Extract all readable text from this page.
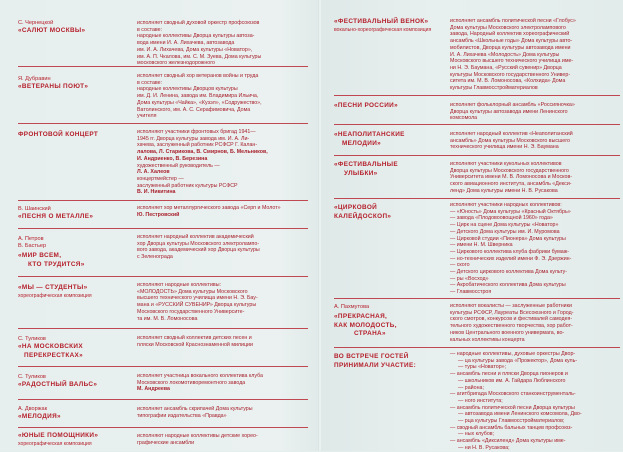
С. Чернецкой
«САЛЮТ МОСКВЫ»
исполняет сводный духовой оркестр профсоюзов
в составе:
народные коллективы Дворца культуры автоза-
вода имени И. А. Лихачева, автозавода
им. И. А. Лихачева, Дома культуры «Новатор»,
им. А. П. Чкалова, им. С. М. Зуева, Дома культуры
московского железнодорожного
Я. Дубравин
«ВЕТЕРАНЫ ПОЮТ»
исполняет сводный хор ветеранов войны и труда
в составе:
народные коллективы Дворцов культуры
им. Д. И. Ленина, завода им. Владимира Ильича,
Дома культуры «Чайка», «Кузэл», «Содружество»,
Ватолинского, им. А. С. Серафимовича, Дома
учителя
ФРОНТОВОЙ КОНЦЕРТ	исполняют участники фронтовых бригад 1941—
1945 гг. Дворца культуры завода им. И. А. Ли-
хачева, заслуженный работник РСФСР Г. Калан-
лалова, Л. Старикова, В. Смирнов, Б. Мельников,
И. Андриенко, В. Березина
художественный руководитель —
Л. А. Халеов
концертмейстер —
заслуженный работник культуры РСФСР
В. И. Никитина
В. Шаинский
«ПЕСНЯ О МЕТАЛЛЕ»
исполняет хор металлургического завода «Серп и Молот»
Ю. Пестровский
А. Петров
В. Бастьер
«МИР ВСЕМ,
КТО ТРУДИТСЯ»
исполняет народный коллектив академический
хор Дворца культуры Московского электролампо-
вого завода, академический хор Дворца культуры
с Зеленограда
«МЫ — СТУДЕНТЫ»
хореографическая композиция
исполняют народные коллективы:
«МОЛОДОСТЬ» Дома культуры Московского
высшего технического училища имени Н. Э. Бау-
мана и «РУССКИЙ СУВЕНИР» Дворца культуры
Московского государственного Университе-
та им. М. В. Ломоносова
С. Туликов
«НА МОСКОВСКИХ
ПЕРЕКРЕСТКАХ»
исполняет сводный коллектив детских песен и
пляски Московской Краснознаменной милиции
С. Туликов
«РАДОСТНЫЙ ВАЛЬС»
исполняет участница вокального коллектива клуба
Московского локомотиворемонтного завода
М. Андреева
А. Дворжак
«МЕЛОДИЯ»
исполняет ансамбль скрипачей Дома культуры
типографии издательства «Правда»
«ЮНЫЕ ПОМОЩНИКИ»
хореографическая композиция
исполняют народные коллективы детские хорео-
графические ансамбли
«ФЕСТИВАЛЬНЫЙ ВЕНОК»
вокально-хореографическая композиция
исполняет ансамбль политической песни «Глобус»
Дома культуры Московского электролампового
завода, Народный коллектив хореографический
ансамбль «Школьные годы» Дома культуры авто-
мобилистов, Дворца культуры автозавода имени
И. А. Лихачева «Молодость» Дома культуры
Московского высшего технического училища име-
ни Н. Э. Баумана, «Русский сувенир» Дворца
культуры Московского государственного Универ-
ситета им. М. В. Ломоносова, «Колхида» Дома
культуры Главмосстройматериалов
«ПЕСНИ РОССИИ»	исполняет фольклорный ансамбль «Россияночка»
Дворца культуры автозавода имени Ленинского
комсомола
«НЕАПОЛИТАНСКИЕ
МЕЛОДИИ»
исполняет народный коллектив «Неаполитанский
ансамбль» Дома культуры Московского высшего
технического училища имени Н. Э. Баумана
«ФЕСТИВАЛЬНЫЕ
УЛЫБКИ»
исполняют участники кукольных коллективов
Дворца культуры Московского государственного
Университета имени М. В. Ломоносова и Москов-
ского авиационного института, ансамбль «Декси-
ленд» Дома культуры имени Н. В. Русакова
«ЦИРКОВОЙ
КАЛЕЙДОСКОП»
исполняют участники народных коллективов:
— «Юность» Дома культуры «Красный Октябрь»
— завода «Плодовоовощной 1960» года»
— Цирк на сцене Дома культуры «Новатор»
— Детского Дома культуры им. И. Муромова
— Цирковой студии «Пионера» Дома культуры
— имени Н. М. Шверника
— Циркового коллектива клуба фабрики бумаж-
— но-технических изделий имени Ф. Э. Дзержин-
— ского
— Детского циркового коллектива Дома культу-
— ры «Восход»
— Акробатического коллектива Дома культуры
— Главмосстроя
А. Пахмутова
«ПРЕКРАСНАЯ,
КАК МОЛОДОСТЬ,
СТРАНА»
исполняют вокалисты — заслуженные работники
культуры РСФСР, Лауреаты Всесоюзного и Город-
ского смотров, конкурсов и фестивалей самодея-
тельного художественного творчества, хор работ-
ников Центрального военного универмага, во-
кальных коллективы концерта
ВО ВСТРЕЧЕ ГОСТЕЙ
ПРИНИМАЛИ УЧАСТИЕ:
— народные коллективы, духовые оркестры Двор-
— ца культуры завода «Прожектор», Дома куль-
— туры «Новатор»;
— ансамбль песни и пляски Дворца пионеров и
— школьников им. А. Гайдара Люблинского
— района;
— агитбригада Московского станкоинструменталь-
— ного института;
— ансамбль политической песни Дворца культуры
— автозавода имени Ленинского комсомола, Дво-
— рца культуры Главмосстройматериалов;
— сводный ансамбль бальных танцев профсоюз-
— ных клубов;
— ансамбль «Диксиленд» Дома культуры име-
— ни Н. В. Русакова;
